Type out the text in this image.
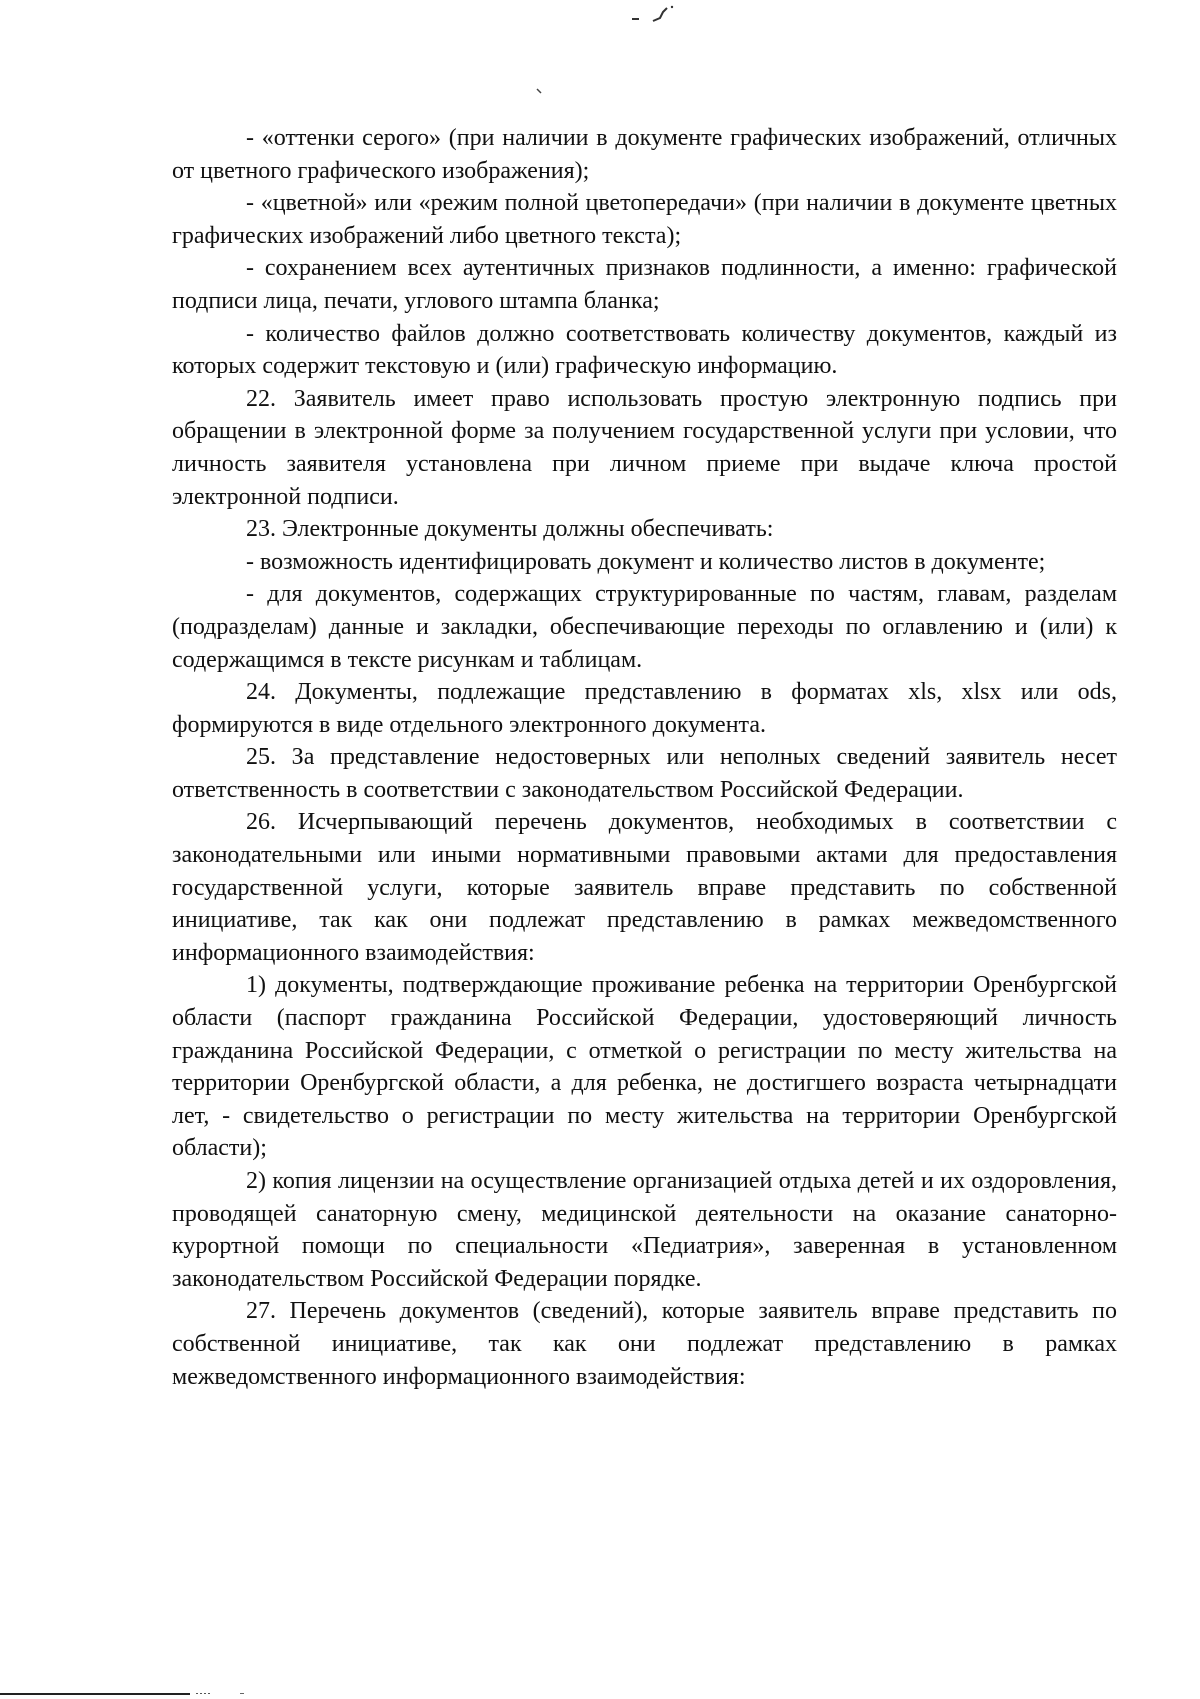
- «оттенки серого» (при наличии в документе графических изображений, отличных от цветного графического изображения);

- «цветной» или «режим полной цветопередачи» (при наличии в документе цветных графических изображений либо цветного текста);

- сохранением всех аутентичных признаков подлинности, а именно: графической подписи лица, печати, углового штампа бланка;

- количество файлов должно соответствовать количеству документов, каждый из которых содержит текстовую и (или) графическую информацию.

22. Заявитель имеет право использовать простую электронную подпись при обращении в электронной форме за получением государственной услуги при условии, что личность заявителя установлена при личном приеме при выдаче ключа простой электронной подписи.

23. Электронные документы должны обеспечивать:

- возможность идентифицировать документ и количество листов в документе;

- для документов, содержащих структурированные по частям, главам, разделам (подразделам) данные и закладки, обеспечивающие переходы по оглавлению и (или) к содержащимся в тексте рисункам и таблицам.

24. Документы, подлежащие представлению в форматах xls, xlsx или ods, формируются в виде отдельного электронного документа.

25. За представление недостоверных или неполных сведений заявитель несет ответственность в соответствии с законодательством Российской Федерации.

26. Исчерпывающий перечень документов, необходимых в соответствии с законодательными или иными нормативными правовыми актами для предоставления государственной услуги, которые заявитель вправе представить по собственной инициативе, так как они подлежат представлению в рамках межведомственного информационного взаимодействия:

1) документы, подтверждающие проживание ребенка на территории Оренбургской области (паспорт гражданина Российской Федерации, удостоверяющий личность гражданина Российской Федерации, с отметкой о регистрации по месту жительства на территории Оренбургской области, а для ребенка, не достигшего возраста четырнадцати лет, - свидетельство о регистрации по месту жительства на территории Оренбургской области);

2) копия лицензии на осуществление организацией отдыха детей и их оздоровления, проводящей санаторную смену, медицинской деятельности на оказание санаторно-курортной помощи по специальности «Педиатрия», заверенная в установленном законодательством Российской Федерации порядке.

27. Перечень документов (сведений), которые заявитель вправе представить по собственной инициативе, так как они подлежат представлению в рамках межведомственного информационного взаимодействия:
